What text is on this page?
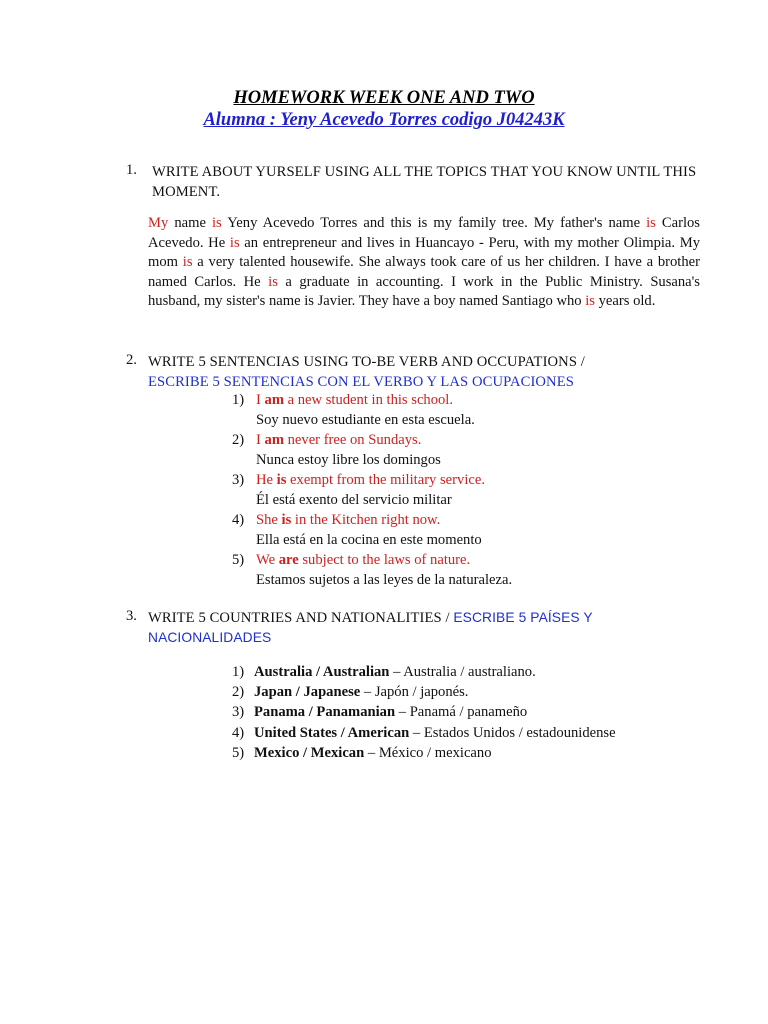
HOMEWORK WEEK ONE AND TWO
Alumna : Yeny Acevedo Torres codigo J04243K
1. WRITE ABOUT YURSELF USING ALL THE TOPICS THAT YOU KNOW UNTIL THIS MOMENT.
My name is Yeny Acevedo Torres and this is my family tree. My father's name is Carlos Acevedo. He is an entrepreneur and lives in Huancayo - Peru, with my mother Olimpia. My mom is a very talented housewife. She always took care of us her children. I have a brother named Carlos. He is a graduate in accounting. I work in the Public Ministry. Susana's husband, my sister's name is Javier. They have a boy named Santiago who is years old.
2. WRITE 5 SENTENCIAS USING TO-BE VERB AND OCCUPATIONS /
ESCRIBE 5 SENTENCIAS CON EL VERBO Y LAS OCUPACIONES
1) I am a new student in this school.
Soy nuevo estudiante en esta escuela.
2) I am never free on Sundays.
Nunca estoy libre los domingos
3) He is exempt from the military service.
Él está exento del servicio militar
4) She is in the Kitchen right now.
Ella está en la cocina en este momento
5) We are subject to the laws of nature.
Estamos sujetos a las leyes de la naturaleza.
3. WRITE 5 COUNTRIES AND NATIONALITIES / ESCRIBE 5 PAÍSES Y
NACIONALIDADES
1) Australia / Australian – Australia / australiano.
2) Japan / Japanese – Japón / japonés.
3) Panama / Panamanian – Panamá / panameño
4) United States / American – Estados Unidos / estadounidense
5) Mexico / Mexican – México / mexicano
